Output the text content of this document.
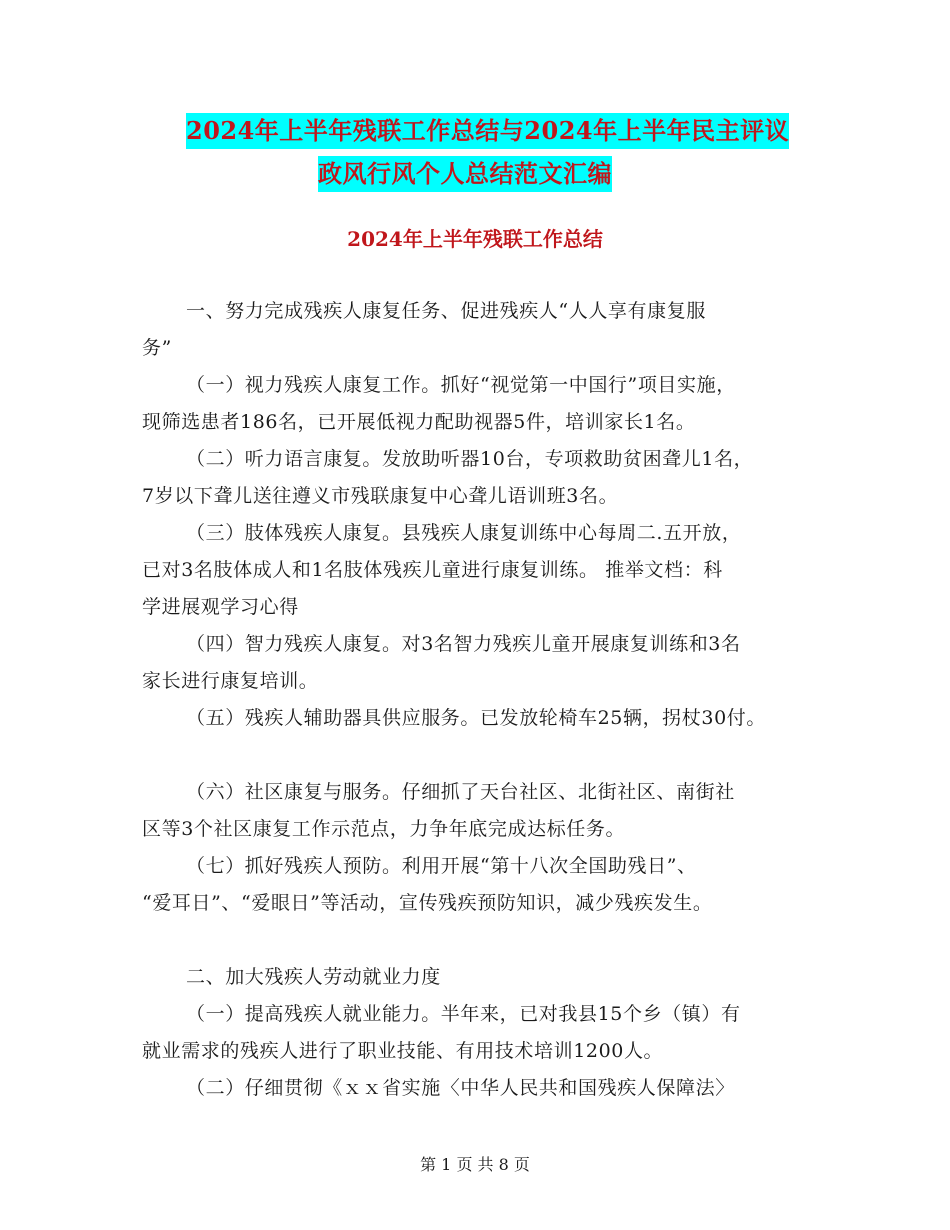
2024年上半年残联工作总结与2024年上半年民主评议
政风行风个人总结范文汇编
2024年上半年残联工作总结
一、努力完成残疾人康复任务、促进残疾人“人人享有康复服
务”
（一）视力残疾人康复工作。抓好“视觉第一中国行”项目实施，
现筛选患者186名，已开展低视力配助视器5件，培训家长1名。
（二）听力语言康复。发放助听器10台，专项救助贫困聋儿1名，
7岁以下聋儿送往遵义市残联康复中心聋儿语训班3名。
（三）肢体残疾人康复。县残疾人康复训练中心每周二.五开放，
已对3名肢体成人和1名肢体残疾儿童进行康复训练。 推举文档：科
学进展观学习心得
（四）智力残疾人康复。对3名智力残疾儿童开展康复训练和3名
家长进行康复培训。
（五）残疾人辅助器具供应服务。已发放轮椅车25辆，拐杖30付。
（六）社区康复与服务。仔细抓了天台社区、北街社区、南街社
区等3个社区康复工作示范点，力争年底完成达标任务。
（七）抓好残疾人预防。利用开展“第十八次全国助残日”、
“爱耳日”、“爱眼日”等活动，宣传残疾预防知识，减少残疾发生。
二、加大残疾人劳动就业力度
（一）提高残疾人就业能力。半年来，已对我县15个乡（镇）有
就业需求的残疾人进行了职业技能、有用技术培训1200人。
（二）仔细贯彻《ｘｘ省实施〈中华人民共和国残疾人保障法〉
第 1 页 共 8 页
